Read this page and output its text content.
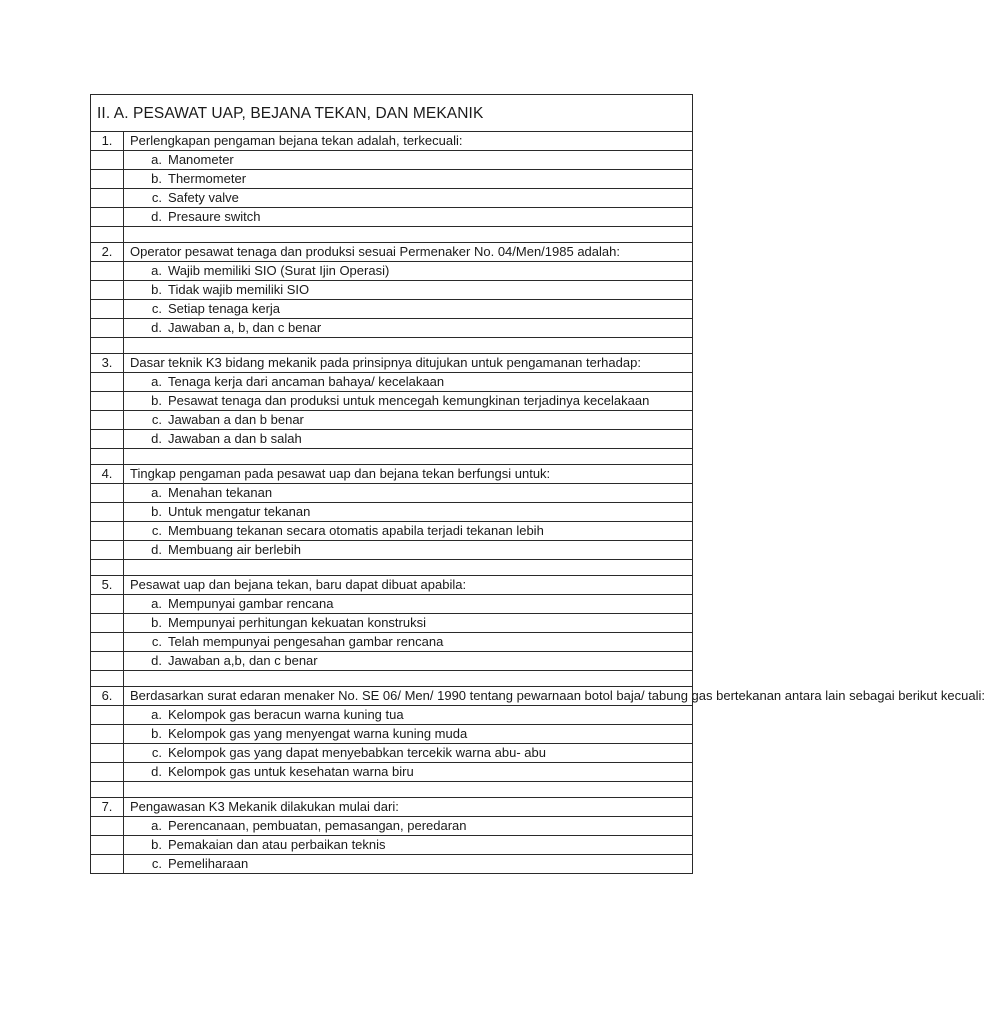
II. A. PESAWAT UAP, BEJANA TEKAN, DAN MEKANIK	

1.	Perlengkapan pengaman bejana tekan adalah, terkecuali:

	a. Manometer
	b. Thermometer
	c. Safety valve
	d. Presaure switch

2.	Operator pesawat tenaga dan produksi sesuai Permenaker No. 04/Men/1985 adalah:

	a. Wajib memiliki SIO (Surat Ijin Operasi)
	b. Tidak wajib memiliki SIO
	c. Setiap tenaga kerja
	d. Jawaban a, b, dan c benar

3.	Dasar teknik K3 bidang mekanik pada prinsipnya ditujukan untuk pengamanan terhadap:

	a. Tenaga kerja dari ancaman bahaya/ kecelakaan
	b. Pesawat tenaga dan produksi untuk mencegah kemungkinan terjadinya kecelakaan
	c. Jawaban a dan b benar
	d. Jawaban a dan b salah

4.	Tingkap pengaman pada pesawat uap dan bejana tekan berfungsi untuk:

	a. Menahan tekanan
	b. Untuk mengatur tekanan
	c. Membuang tekanan secara otomatis apabila terjadi tekanan lebih
	d. Membuang air berlebih

5.	Pesawat uap dan bejana tekan, baru dapat dibuat apabila:

	a. Mempunyai gambar rencana
	b. Mempunyai perhitungan kekuatan konstruksi
	c. Telah mempunyai pengesahan gambar rencana
	d. Jawaban a,b, dan c benar

6.	Berdasarkan surat edaran menaker No. SE 06/ Men/ 1990 tentang pewarnaan botol baja/ tabung gas bertekanan antara lain sebagai berikut kecuali:

	a. Kelompok gas beracun warna kuning tua
	b. Kelompok gas yang menyengat warna kuning muda
	c. Kelompok gas yang dapat menyebabkan tercekik warna abu- abu
	d. Kelompok gas untuk kesehatan warna biru

7.	Pengawasan K3 Mekanik dilakukan mulai dari:

	a. Perencanaan, pembuatan, pemasangan, peredaran
	b. Pemakaian dan atau perbaikan teknis
	c. Pemeliharaan
